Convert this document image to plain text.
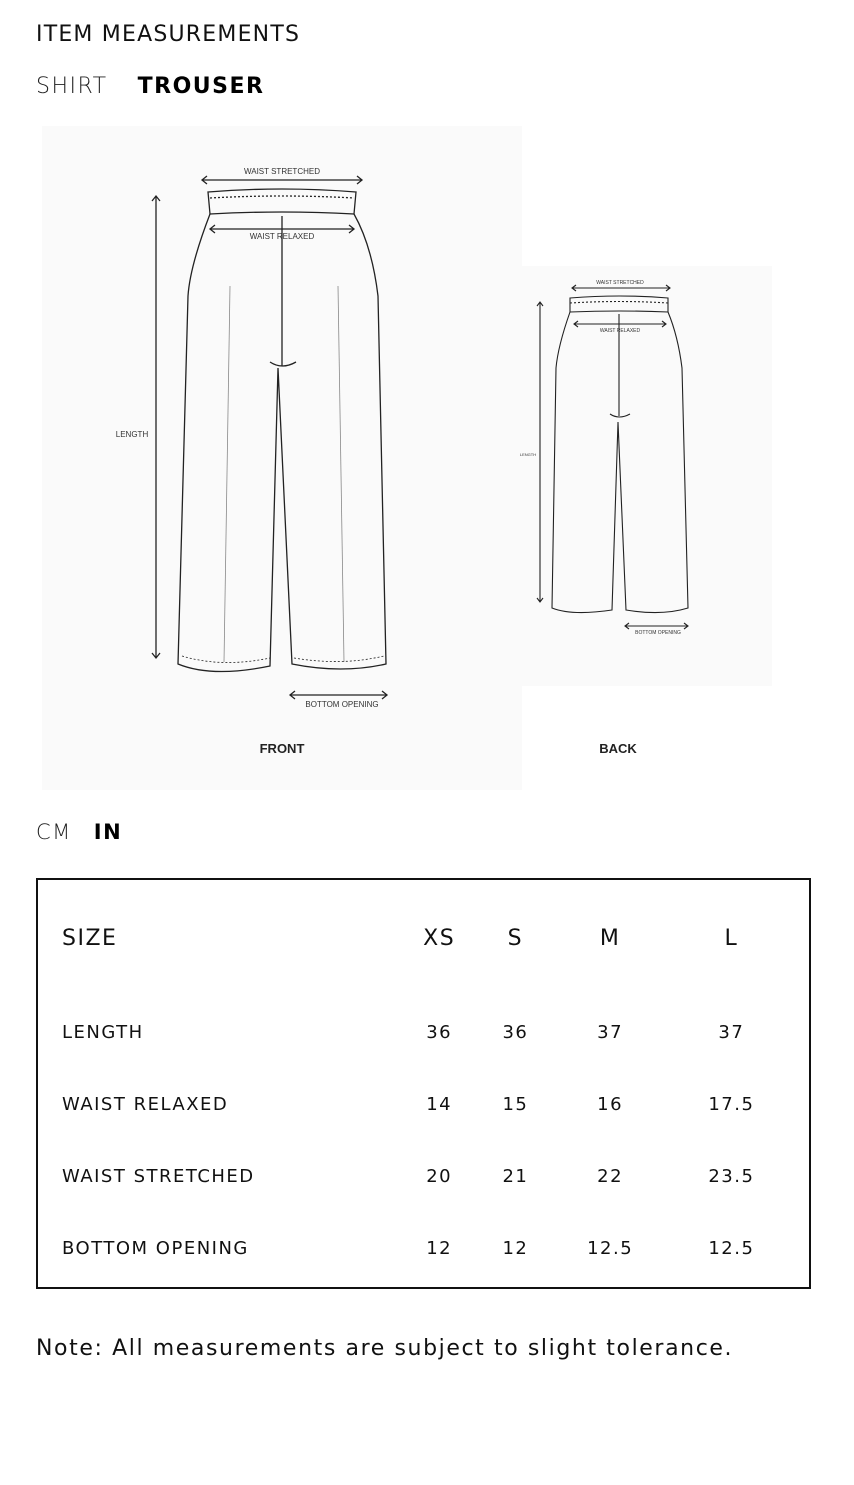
ITEM MEASUREMENTS
SHIRT TROUSER
WAIST STRETCHED
WAIST RELAXED
LENGTH
BOTTOM OPENING
FRONT
WAIST STRETCHED
WAIST RELAXED
LENGTH
BOTTOM OPENING
BACK
CM IN
SIZE	XS	S	M	L
LENGTH	36	36	37	37
WAIST RELAXED	14	15	16	17.5
WAIST STRETCHED	20	21	22	23.5
BOTTOM OPENING	12	12	12.5	12.5
Note: All measurements are subject to slight tolerance.
